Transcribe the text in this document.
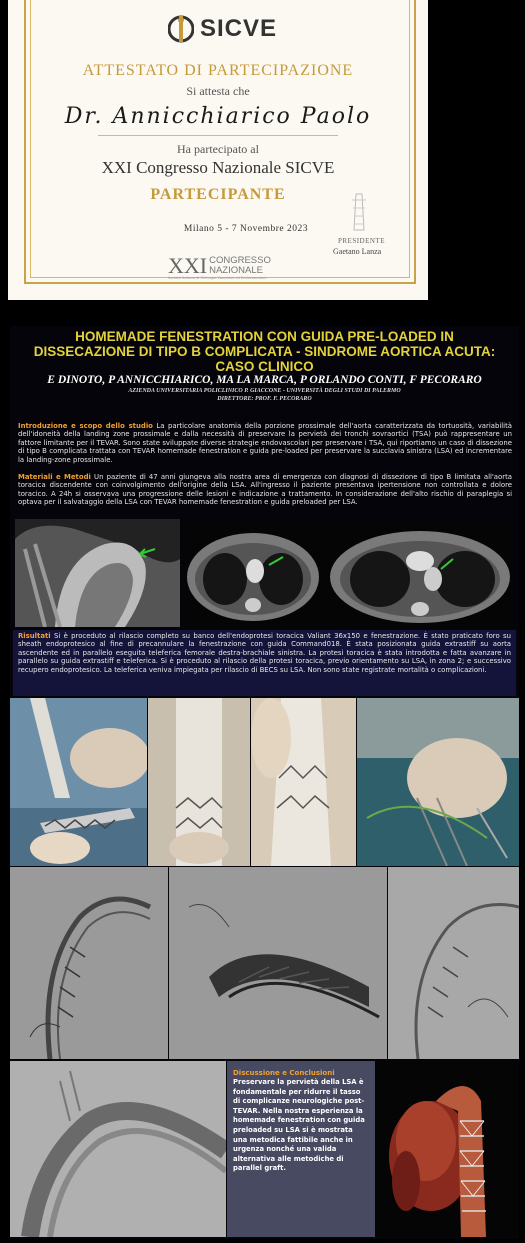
SICVE
ATTESTATO DI PARTECIPAZIONE
Si attesta che
Dr. Annicchiarico Paolo
Ha partecipato al
XXI Congresso Nazionale SICVE
PARTECIPANTE
Milano 5 - 7 Novembre 2023
PRESIDENTE
Gaetano Lanza
XXI CONGRESSO
NAZIONALE
Società Italiana di Chirurgia Vascolare ed Endovascolare
HOMEMADE FENESTRATION CON GUIDA PRE-LOADED IN
DISSECAZIONE DI TIPO B COMPLICATA - SINDROME AORTICA ACUTA:
CASO CLINICO
E DINOTO, P ANNICCHIARICO, MA LA MARCA, P ORLANDO CONTI, F PECORARO
AZIENDA UNIVERSITARIA POLICLINICO P. GIACCONE - UNIVERSITÀ DEGLI STUDI DI PALERMO
DIRETTORE: PROF. F. PECORARO
Introduzione e scopo dello studio La particolare anatomia della porzione prossimale dell'aorta caratterizzata da tortuosità, variabilità dell'idoneità della landing zone prossimale e dalla necessità di preservare la pervietà dei tronchi sovraortici (TSA) può rappresentare un fattore limitante per il TEVAR. Sono state sviluppate diverse strategie endovascolari per preservare i TSA, qui riportiamo un caso di dissezione di tipo B complicata trattata con TEVAR homemade fenestration e guida pre-loaded per preservare la succlavia sinistra (LSA) ed incrementare la landing-zone prossimale.
Materiali e Metodi Un paziente di 47 anni giungeva alla nostra area di emergenza con diagnosi di dissezione di tipo B limitata all'aorta toracica discendente con coinvolgimento dell'origine della LSA. All'ingresso il paziente presentava ipertensione non controllata e dolore toracico. A 24h si osservava una progressione delle lesioni e indicazione a trattamento. In considerazione dell'alto rischio di paraplegia si optava per il salvataggio della LSA con TEVAR homemade fenestration e guida preloaded per LSA.
Risultati Si è proceduto al rilascio completo su banco dell'endoprotesi toracica Valiant 36x150 e fenestrazione. È stato praticato foro su sheath endoprotesico al fine di precannulare la fenestrazione con guida Command018. È stata posizionata guida extrastiff su aorta ascendente ed in parallelo eseguita teleferica femorale destra-brachiale sinistra. La protesi toracica è stata introdotta e fatta avanzare in parallelo su guida extrastiff e teleferica. Si è proceduto al rilascio della protesi toracica, previo orientamento su LSA, in zona 2; e successivo recupero endoprotesico. La teleferica veniva impiegata per rilascio di BECS su LSA. Non sono state registrate mortalità o complicazioni.
Discussione e Conclusioni
Preservare la pervietà della LSA è fondamentale per ridurre il tasso di complicanze neurologiche post-TEVAR. Nella nostra esperienza la homemade fenestration con guida preloaded su LSA si è mostrata una metodica fattibile anche in urgenza nonché una valida alternativa alle metodiche di parallel graft.
